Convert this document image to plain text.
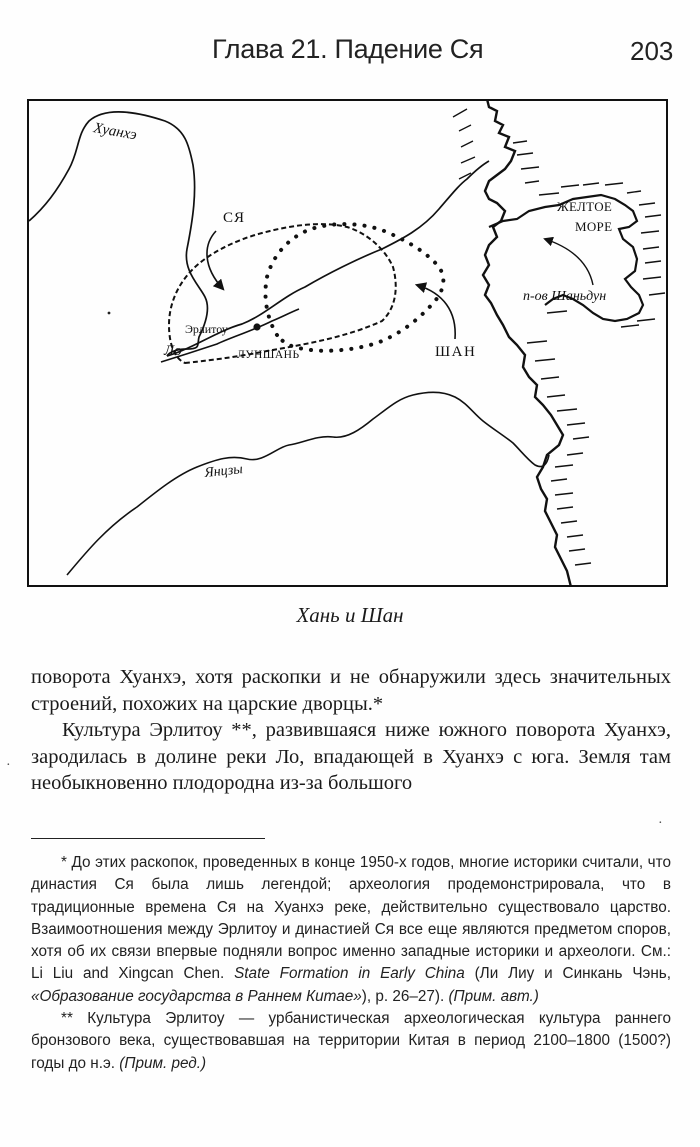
Глава 21. Падение Ся	203
Хуанхэ
СЯ
ШАН
Эрлитоу
ЛУНШАНЬ
Ло
ЖЕЛТОЕ
МОРЕ
п-ов Шаньдун
Янцзы
Хань и Шан

поворота Хуанхэ, хотя раскопки и не обнаружили здесь значительных строений, похожих на царские дворцы.*

Культура Эрлитоу **, развившаяся ниже южного поворота Хуанхэ, зародилась в долине реки Ло, впадающей в Хуанхэ с юга. Земля там необыкновенно плодородна из-за большого

·
·

* До этих раскопок, проведенных в конце 1950-х годов, многие историки считали, что династия Ся была лишь легендой; археология продемонстрировала, что в традиционные времена Ся на Хуанхэ реке, действительно существовало царство. Взаимоотношения между Эрлитоу и династией Ся все еще являются предметом споров, хотя об их связи впервые подняли вопрос именно западные историки и археологи. См.: Li Liu and Xingcan Chen. State Formation in Early China (Ли Лиу и Синкань Чэнь, «Образование государства в Раннем Китае»), р. 26–27). (Прим. авт.)

** Культура Эрлитоу — урбанистическая археологическая культура раннего бронзового века, существовавшая на территории Китая в период 2100–1800 (1500?) годы до н.э. (Прим. ред.)
